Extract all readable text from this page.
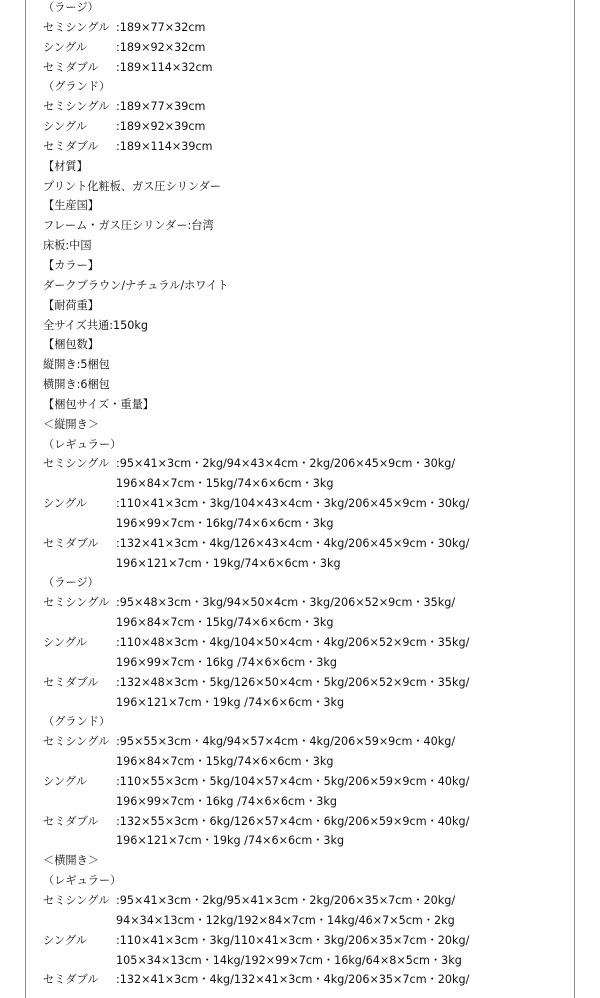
（ラージ）
セミシングル :189×77×32cm
シングル	:189×92×32cm
セミダブル :189×114×32cm
（グランド）
セミシングル :189×77×39cm
シングル	:189×92×39cm
セミダブル :189×114×39cm
【材質】
プリント化粧板、ガス圧シリンダー
【生産国】
フレーム・ガス圧シリンダー:台湾
床板:中国
【カラー】
ダークブラウン/ナチュラル/ホワイト
【耐荷重】
全サイズ共通:150kg
【梱包数】
縦開き:5梱包
横開き:6梱包
【梱包サイズ・重量】
＜縦開き＞
（レギュラー）
セミシングル :95×41×3cm・2kg/94×43×4cm・2kg/206×45×9cm・30kg/
196×84×7cm・15kg/74×6×6cm・3kg
シングル	:110×41×3cm・3kg/104×43×4cm・3kg/206×45×9cm・30kg/
196×99×7cm・16kg/74×6×6cm・3kg
セミダブル :132×41×3cm・4kg/126×43×4cm・4kg/206×45×9cm・30kg/
196×121×7cm・19kg/74×6×6cm・3kg
（ラージ）
セミシングル :95×48×3cm・3kg/94×50×4cm・3kg/206×52×9cm・35kg/
196×84×7cm・15kg/74×6×6cm・3kg
シングル	:110×48×3cm・4kg/104×50×4cm・4kg/206×52×9cm・35kg/
196×99×7cm・16kg /74×6×6cm・3kg
セミダブル :132×48×3cm・5kg/126×50×4cm・5kg/206×52×9cm・35kg/
196×121×7cm・19kg /74×6×6cm・3kg
（グランド）
セミシングル :95×55×3cm・4kg/94×57×4cm・4kg/206×59×9cm・40kg/
196×84×7cm・15kg/74×6×6cm・3kg
シングル	:110×55×3cm・5kg/104×57×4cm・5kg/206×59×9cm・40kg/
196×99×7cm・16kg /74×6×6cm・3kg
セミダブル :132×55×3cm・6kg/126×57×4cm・6kg/206×59×9cm・40kg/
196×121×7cm・19kg /74×6×6cm・3kg
＜横開き＞
（レギュラー）
セミシングル :95×41×3cm・2kg/95×41×3cm・2kg/206×35×7cm・20kg/
94×34×13cm・12kg/192×84×7cm・14kg/46×7×5cm・2kg
シングル	:110×41×3cm・3kg/110×41×3cm・3kg/206×35×7cm・20kg/
105×34×13cm・14kg/192×99×7cm・16kg/64×8×5cm・3kg
セミダブル :132×41×3cm・4kg/132×41×3cm・4kg/206×35×7cm・20kg/
